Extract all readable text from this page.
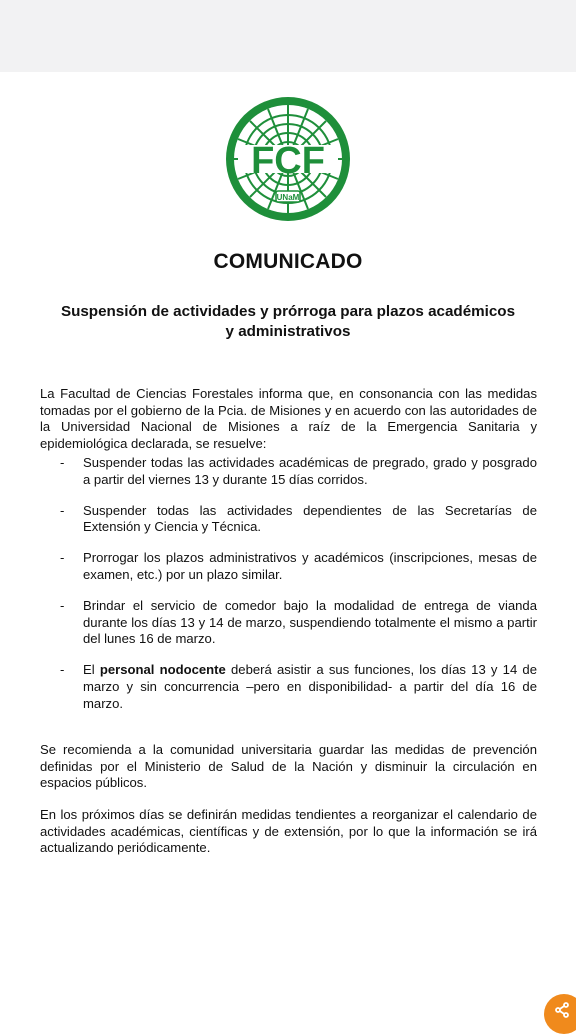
FCF
UNaM
COMUNICADO
Suspensión de actividades y prórroga para plazos académicos
y administrativos

La Facultad de Ciencias Forestales informa que, en consonancia con las medidas tomadas por el gobierno de la Pcia. de Misiones y en acuerdo con las autoridades de la Universidad Nacional de Misiones a raíz de la Emergencia Sanitaria y epidemiológica declarada, se resuelve:

- Suspender todas las actividades académicas de pregrado, grado y posgrado a partir del viernes 13 y durante 15 días corridos.
- Suspender todas las actividades dependientes de las Secretarías de Extensión y Ciencia y Técnica.
- Prorrogar los plazos administrativos y académicos (inscripciones, mesas de examen, etc.) por un plazo similar.
- Brindar el servicio de comedor bajo la modalidad de entrega de vianda durante los días 13 y 14 de marzo, suspendiendo totalmente el mismo a partir del lunes 16 de marzo.
- El personal nodocente deberá asistir a sus funciones, los días 13 y 14 de marzo y sin concurrencia –pero en disponibilidad- a partir del día 16 de marzo.

Se recomienda a la comunidad universitaria guardar las medidas de prevención definidas por el Ministerio de Salud de la Nación y disminuir la circulación en espacios públicos.

En los próximos días se definirán medidas tendientes a reorganizar el calendario de actividades académicas, científicas y de extensión, por lo que la información se irá actualizando periódicamente.
